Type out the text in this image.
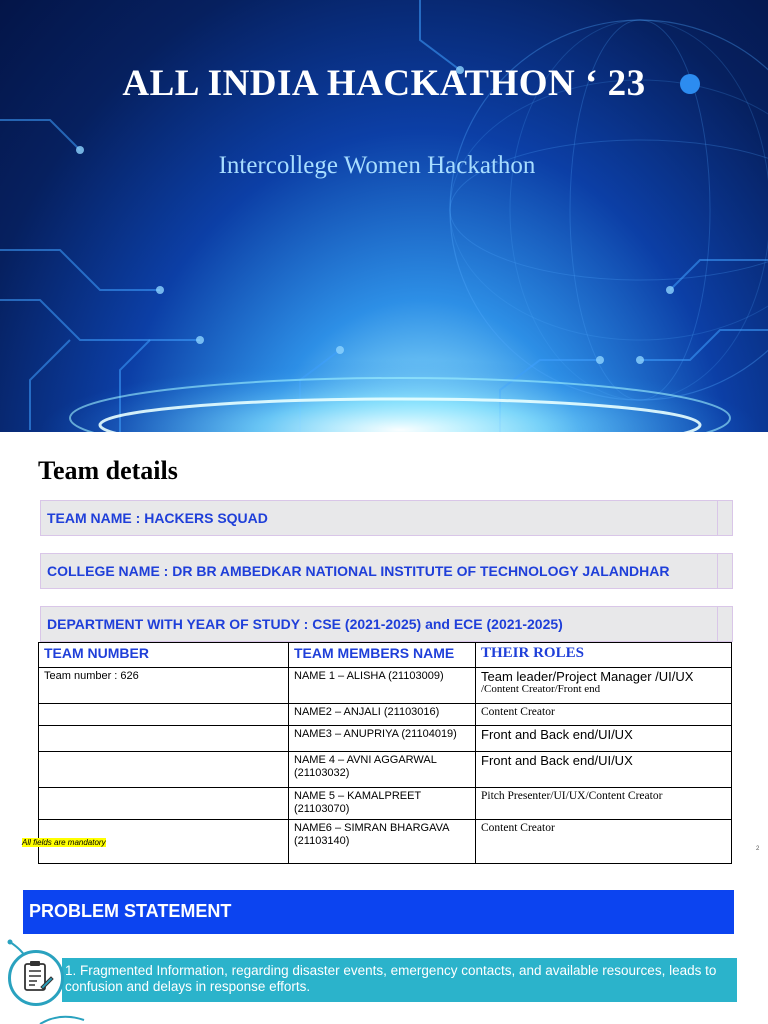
ALL INDIA HACKATHON ‘ 23
Intercollege Women Hackathon
Team details
TEAM NAME : HACKERS SQUAD
COLLEGE NAME : DR BR AMBEDKAR NATIONAL INSTITUTE OF TECHNOLOGY JALANDHAR
DEPARTMENT WITH YEAR OF STUDY : CSE (2021-2025) and ECE (2021-2025)
TEAM NUMBER	TEAM MEMBERS NAME	THEIR ROLES
Team number : 626	NAME 1 – ALISHA (21103009)	Team leader/Project Manager /UI/UX
/Content Creator/Front end

	NAME2 – ANJALI (21103016)	Content Creator
	NAME3 – ANUPRIYA (21104019)	Front and Back end/UI/UX
	NAME 4 – AVNI AGGARWAL (21103032)	Front and Back end/UI/UX
	NAME 5 – KAMALPREET (21103070)	Pitch Presenter/UI/UX/Content Creator
	NAME6 – SIMRAN BHARGAVA (21103140)	Content Creator
All fields are mandatory
2
PROBLEM STATEMENT
1. Fragmented Information, regarding disaster events, emergency contacts, and available resources, leads to confusion and delays in response efforts.
